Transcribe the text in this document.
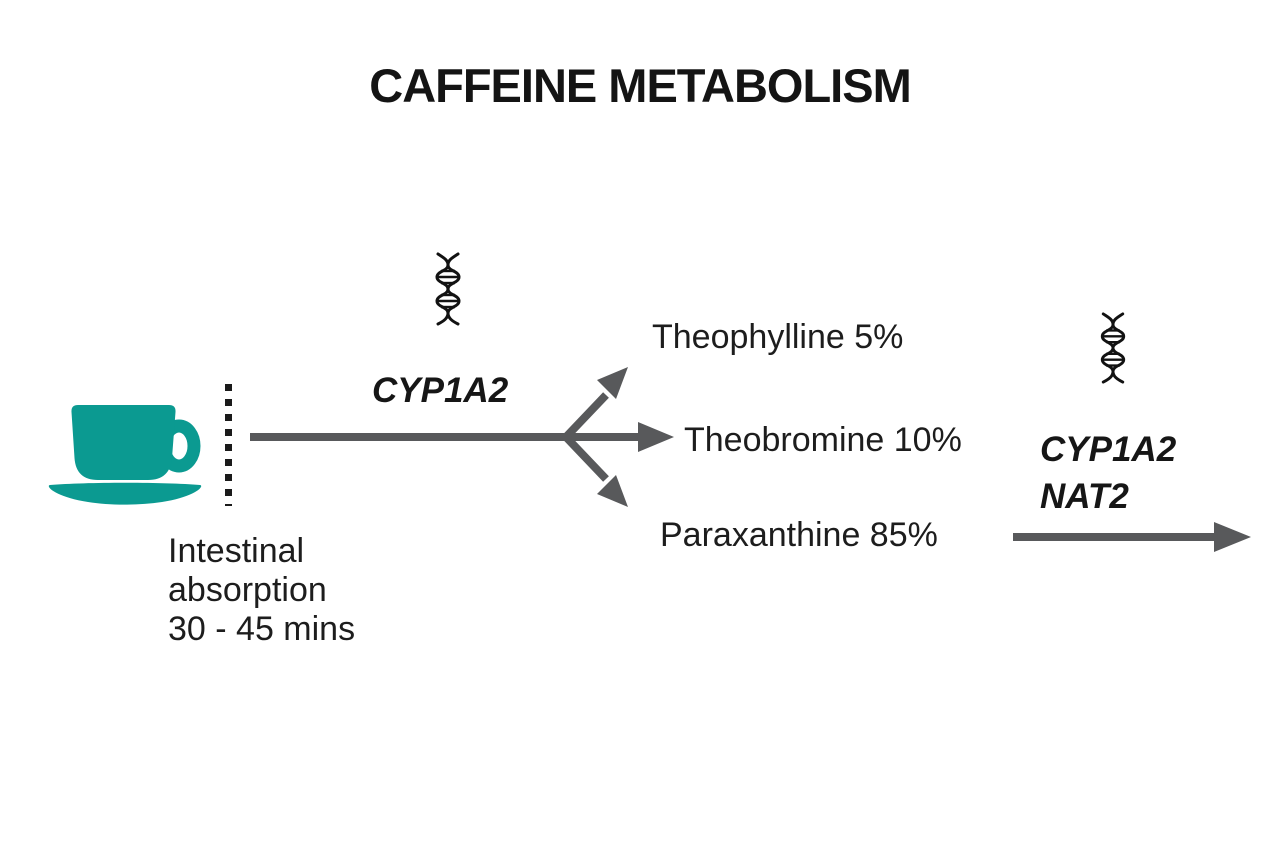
CAFFEINE METABOLISM
Intestinal
absorption
30 - 45 mins
CYP1A2
Theophylline 5%
Theobromine 10%
Paraxanthine 85%
CYP1A2
NAT2
